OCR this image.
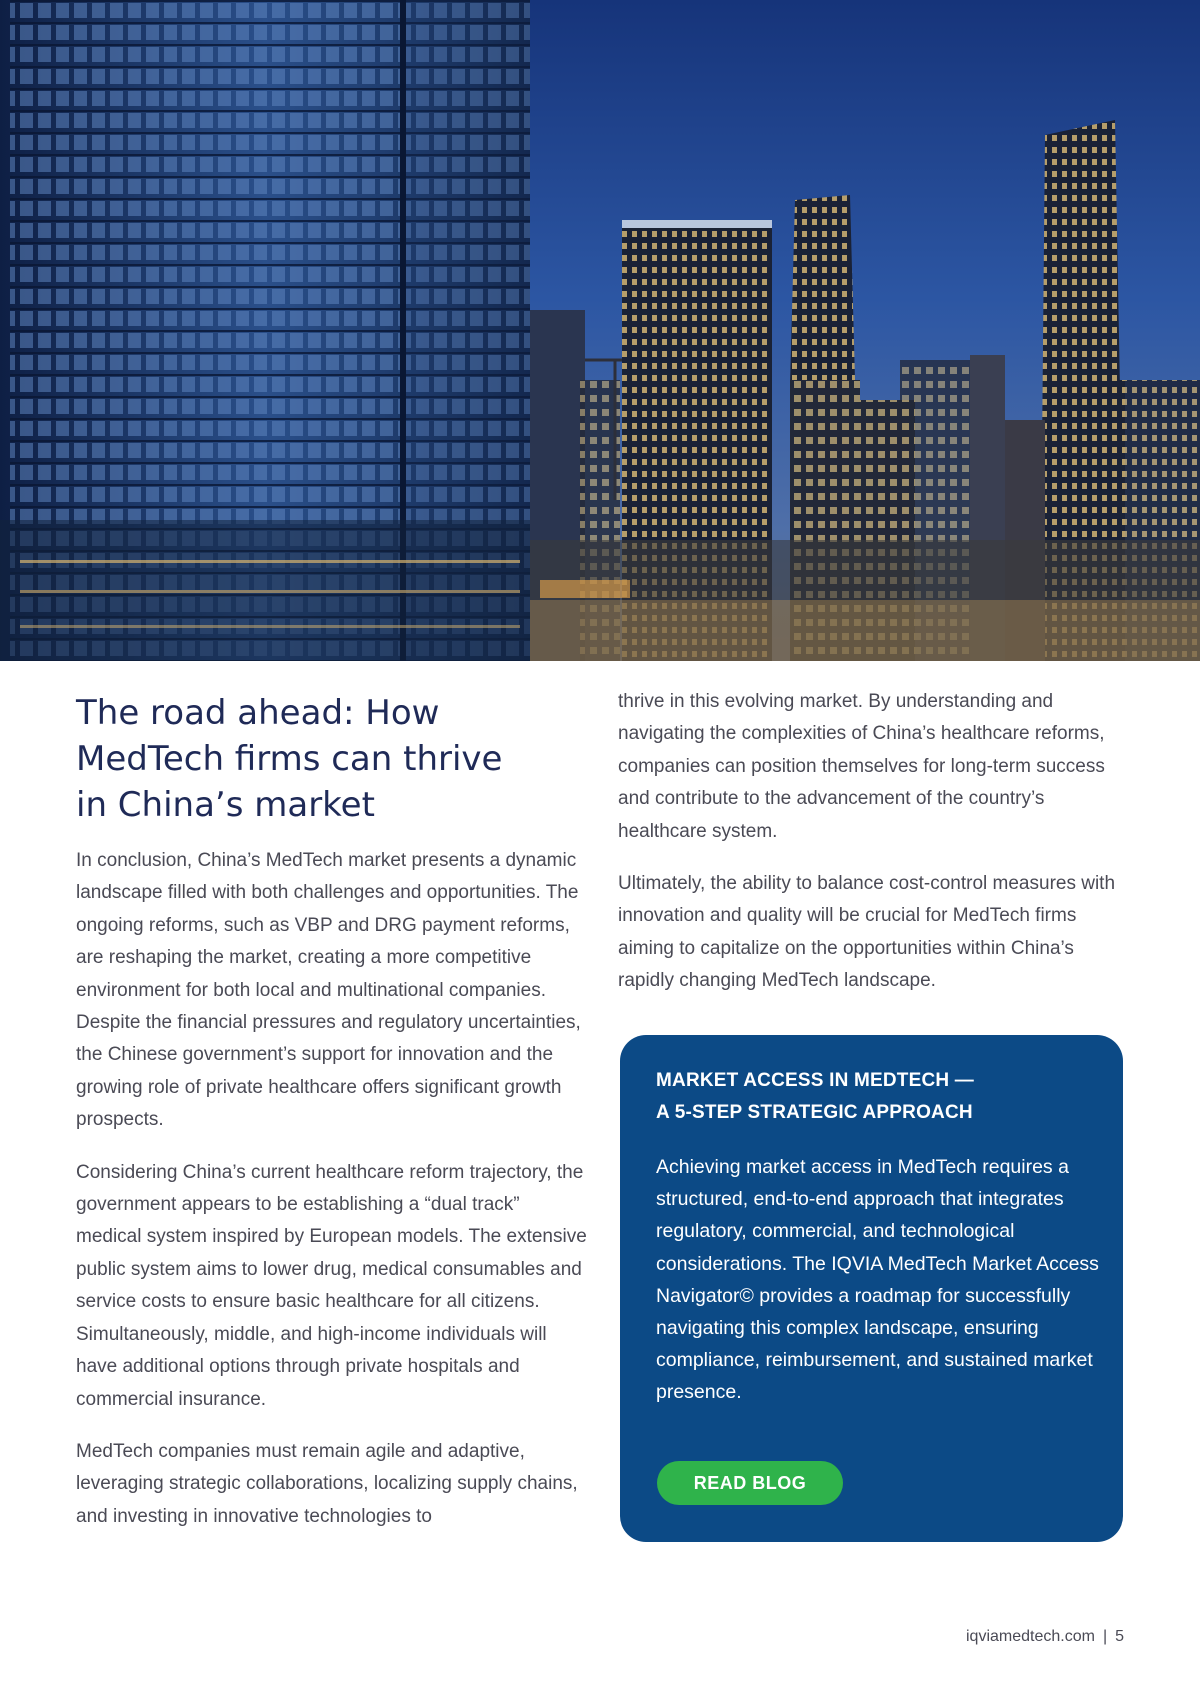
The road ahead: How
MedTech firms can thrive
in China’s market

In conclusion, China’s MedTech market presents a dynamic landscape filled with both challenges and opportunities. The ongoing reforms, such as VBP and DRG payment reforms, are reshaping the market, creating a more competitive environment for both local and multinational companies. Despite the financial pressures and regulatory uncertainties, the Chinese government’s support for innovation and the growing role of private healthcare offers significant growth prospects.

Considering China’s current healthcare reform trajectory, the government appears to be establishing a “dual track” medical system inspired by European models. The extensive public system aims to lower drug, medical consumables and service costs to ensure basic healthcare for all citizens. Simultaneously, middle, and high-income individuals will have additional options through private hospitals and commercial insurance.

MedTech companies must remain agile and adaptive, leveraging strategic collaborations, localizing supply chains, and investing in innovative technologies to

thrive in this evolving market. By understanding and navigating the complexities of China’s healthcare reforms, companies can position themselves for long-term success and contribute to the advancement of the country’s healthcare system.

Ultimately, the ability to balance cost-control measures with innovation and quality will be crucial for MedTech firms aiming to capitalize on the opportunities within China’s rapidly changing MedTech landscape.

MARKET ACCESS IN MEDTECH —
A 5-STEP STRATEGIC APPROACH

Achieving market access in MedTech requires a structured, end-to-end approach that integrates regulatory, commercial, and technological considerations. The IQVIA MedTech Market Access Navigator© provides a roadmap for successfully navigating this complex landscape, ensuring compliance, reimbursement, and sustained market presence.

READ BLOG
iqviamedtech.com | 5
